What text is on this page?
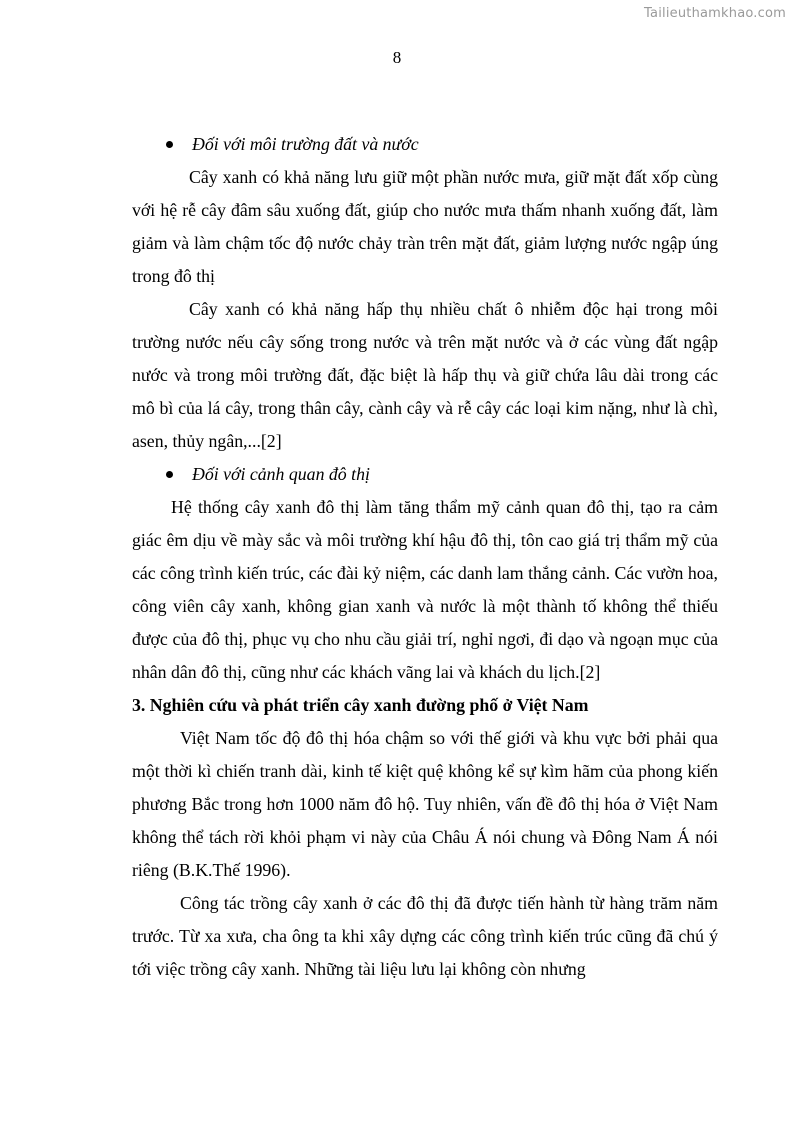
Tailieuthamkhao.com
8
Đối với môi trường đất và nước

Cây xanh có khả năng lưu giữ một phần nước mưa, giữ mặt đất xốp cùng với hệ rễ cây đâm sâu xuống đất, giúp cho nước mưa thấm nhanh xuống đất, làm giảm và làm chậm tốc độ nước chảy tràn trên mặt đất, giảm lượng nước ngập úng trong đô thị

Cây xanh có khả năng hấp thụ nhiều chất ô nhiễm độc hại trong môi trường nước nếu cây sống trong nước và trên mặt nước và ở các vùng đất ngập nước và trong môi trường đất, đặc biệt là hấp thụ và giữ chứa lâu dài trong các mô bì của lá cây, trong thân cây, cành cây và rễ cây các loại kim nặng, như là chì, asen, thủy ngân,...[2]

Đối với cảnh quan đô thị

Hệ thống cây xanh đô thị làm tăng thẩm mỹ cảnh quan đô thị, tạo ra cảm giác êm dịu về mày sắc và môi trường khí hậu đô thị, tôn cao giá trị thẩm mỹ của các công trình kiến trúc, các đài kỷ niệm, các danh lam thắng cảnh. Các vườn hoa, công viên cây xanh, không gian xanh và nước là một thành tố không thể thiếu được của đô thị, phục vụ cho nhu cầu giải trí, nghỉ ngơi, đi dạo và ngoạn mục của nhân dân đô thị, cũng như các khách vãng lai và khách du lịch.[2]

3. Nghiên cứu và phát triển cây xanh đường phố ở Việt Nam

Việt Nam tốc độ đô thị hóa chậm so với thế giới và khu vực bởi phải qua một thời kì chiến tranh dài, kinh tế kiệt quệ không kể sự kìm hãm của phong kiến phương Bắc trong hơn 1000 năm đô hộ. Tuy nhiên, vấn đề đô thị hóa ở Việt Nam không thể tách rời khỏi phạm vi này của Châu Á nói chung và Đông Nam Á nói riêng (B.K.Thế 1996).

Công tác trồng cây xanh ở các đô thị đã được tiến hành từ hàng trăm năm trước. Từ xa xưa, cha ông ta khi xây dựng các công trình kiến trúc cũng đã chú ý tới việc trồng cây xanh. Những tài liệu lưu lại không còn nhưng
